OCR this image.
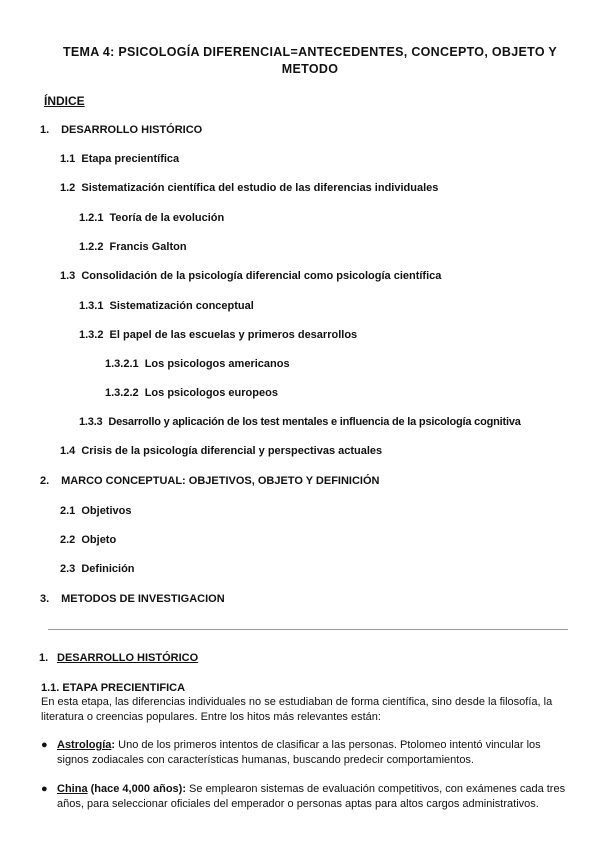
TEMA 4: PSICOLOGÍA DIFERENCIAL=ANTECEDENTES, CONCEPTO, OBJETO Y
METODO
ÍNDICE
1. DESARROLLO HISTÓRICO
1.1 Etapa precientífica
1.2 Sistematización científica del estudio de las diferencias individuales
1.2.1 Teoría de la evolución
1.2.2 Francis Galton
1.3 Consolidación de la psicología diferencial como psicología científica
1.3.1 Sistematización conceptual
1.3.2 El papel de las escuelas y primeros desarrollos
1.3.2.1 Los psicologos americanos
1.3.2.2 Los psicologos europeos
1.3.3 Desarrollo y aplicación de los test mentales e influencia de la psicología cognitiva
1.4 Crisis de la psicología diferencial y perspectivas actuales
2. MARCO CONCEPTUAL: OBJETIVOS, OBJETO Y DEFINICIÓN
2.1 Objetivos
2.2 Objeto
2.3 Definición
3. METODOS DE INVESTIGACION
1. DESARROLLO HISTÓRICO
1.1. ETAPA PRECIENTIFICA
En esta etapa, las diferencias individuales no se estudiaban de forma científica, sino desde la filosofía, la literatura o creencias populares. Entre los hitos más relevantes están:
● Astrología: Uno de los primeros intentos de clasificar a las personas. Ptolomeo intentó vincular los signos zodiacales con características humanas, buscando predecir comportamientos.
● China (hace 4,000 años): Se emplearon sistemas de evaluación competitivos, con exámenes cada tres años, para seleccionar oficiales del emperador o personas aptas para altos cargos administrativos.
